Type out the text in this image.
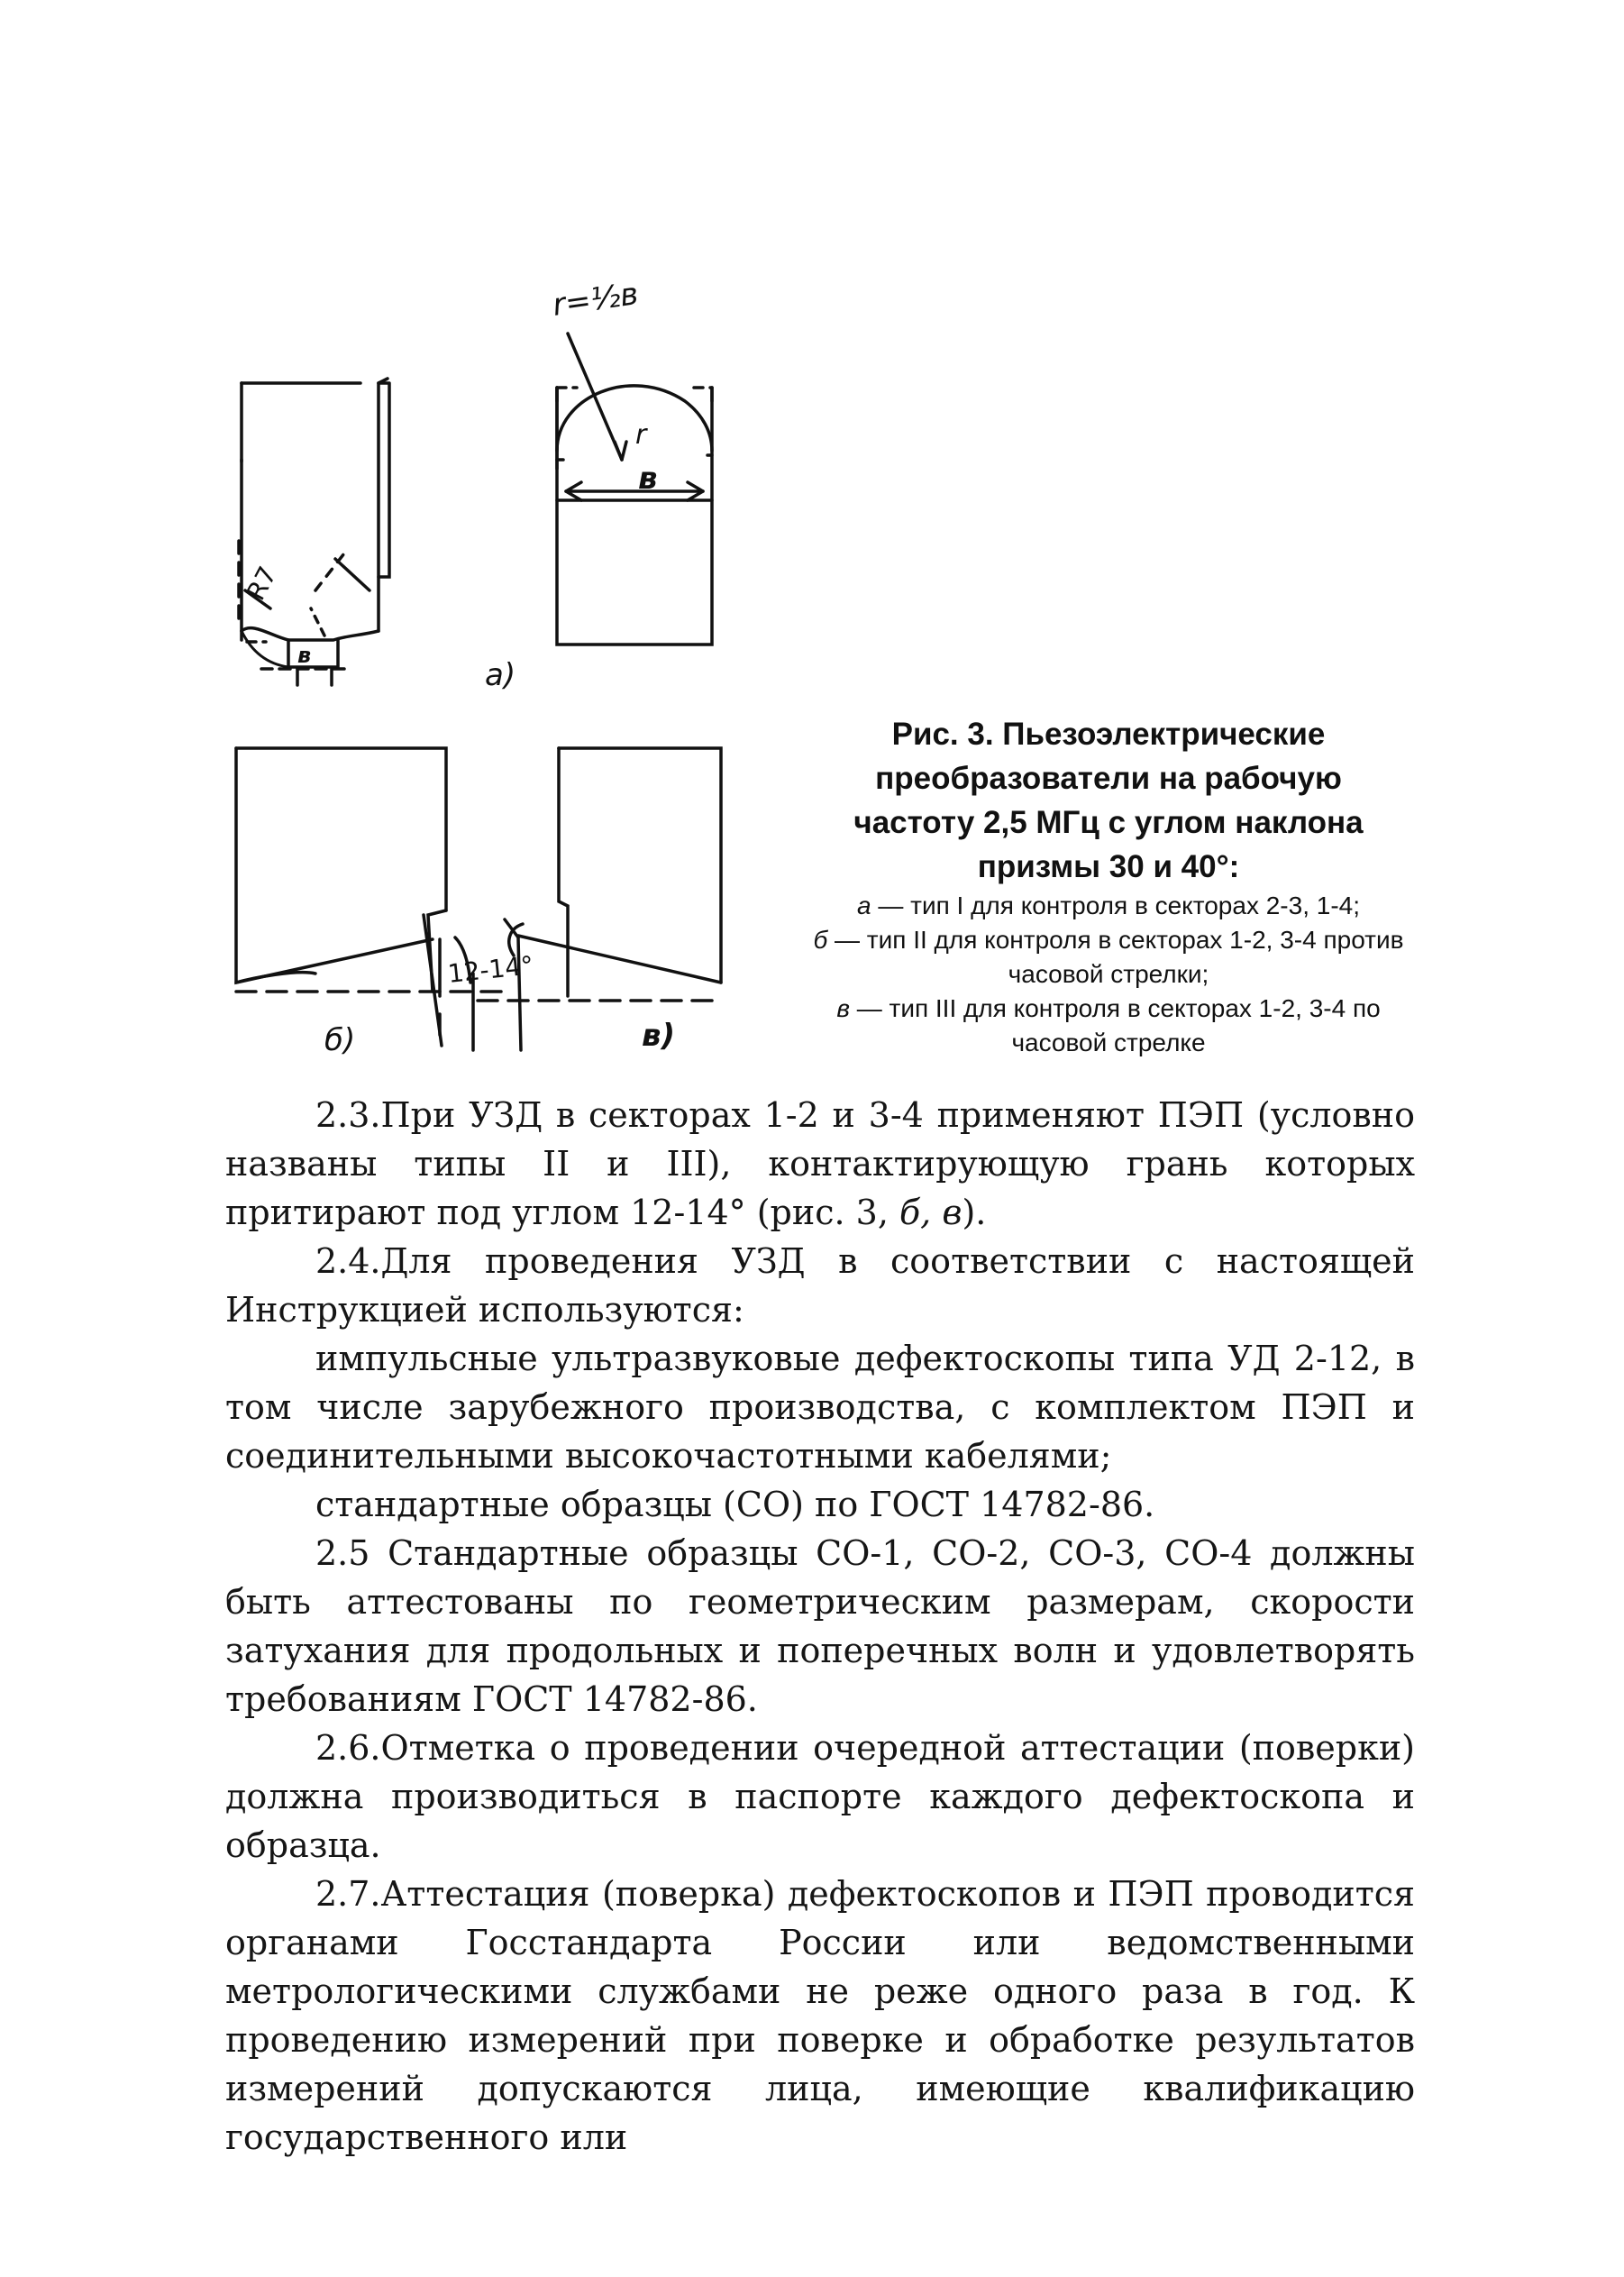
r=½в
r
в
R7
в
а)
12-14°
б)	в)
Рис. 3. Пьезоэлектрические
преобразователи на рабочую
частоту 2,5 МГц с углом наклона
призмы 30 и 40°:
а — тип I для контроля в секторах 2-3, 1-4;
б — тип II для контроля в секторах 1-2, 3-4 против часовой стрелки;
в — тип III для контроля в секторах 1-2, 3-4 по часовой стрелке

2.3.При УЗД в секторах 1-2 и 3-4 применяют ПЭП (условно названы типы II и III), контактирующую грань которых притирают под углом 12-14° (рис. 3, б, в).

2.4.Для проведения УЗД в соответствии с настоящей Инструкцией используются:

импульсные ультразвуковые дефектоскопы типа УД 2-12, в том числе зарубежного производства, с комплектом ПЭП и соединительными высокочастотными кабелями;

стандартные образцы (СО) по ГОСТ 14782-86.

2.5 Стандартные образцы СО-1, СО-2, СО-3, СО-4 должны быть аттестованы по геометрическим размерам, скорости затухания для продольных и поперечных волн и удовлетворять требованиям ГОСТ 14782-86.

2.6.Отметка о проведении очередной аттестации (поверки) должна производиться в паспорте каждого дефектоскопа и образца.

2.7.Аттестация (поверка) дефектоскопов и ПЭП проводится органами Госстандарта России или ведомственными метрологическими службами не реже одного раза в год. К проведению измерений при поверке и обработке результатов измерений допускаются лица, имеющие квалификацию государственного или
